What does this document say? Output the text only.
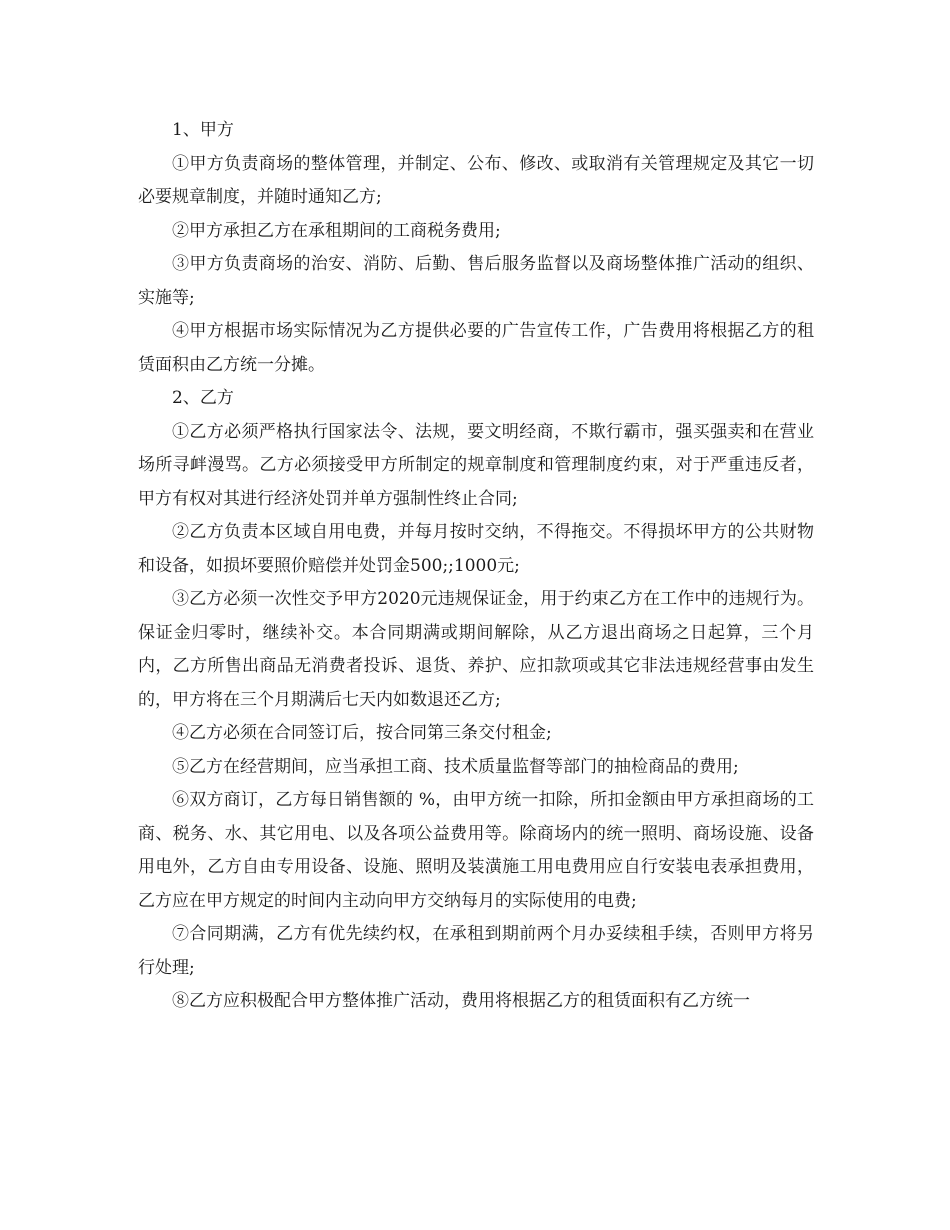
1、甲方

①甲方负责商场的整体管理，并制定、公布、修改、或取消有关管理规定及其它一切必要规章制度，并随时通知乙方;

②甲方承担乙方在承租期间的工商税务费用;

③甲方负责商场的治安、消防、后勤、售后服务监督以及商场整体推广活动的组织、实施等;

④甲方根据市场实际情况为乙方提供必要的广告宣传工作，广告费用将根据乙方的租赁面积由乙方统一分摊。

2、乙方

①乙方必须严格执行国家法令、法规，要文明经商，不欺行霸市，强买强卖和在营业场所寻衅漫骂。乙方必须接受甲方所制定的规章制度和管理制度约束，对于严重违反者，甲方有权对其进行经济处罚并单方强制性终止合同;

②乙方负责本区域自用电费，并每月按时交纳，不得拖交。不得损坏甲方的公共财物和设备，如损坏要照价赔偿并处罚金500;;1000元;

③乙方必须一次性交予甲方2020元违规保证金，用于约束乙方在工作中的违规行为。保证金归零时，继续补交。本合同期满或期间解除，从乙方退出商场之日起算，三个月内，乙方所售出商品无消费者投诉、退货、养护、应扣款项或其它非法违规经营事由发生的，甲方将在三个月期满后七天内如数退还乙方;

④乙方必须在合同签订后，按合同第三条交付租金;

⑤乙方在经营期间，应当承担工商、技术质量监督等部门的抽检商品的费用;

⑥双方商订，乙方每日销售额的 %，由甲方统一扣除，所扣金额由甲方承担商场的工商、税务、水、其它用电、以及各项公益费用等。除商场内的统一照明、商场设施、设备用电外，乙方自由专用设备、设施、照明及装潢施工用电费用应自行安装电表承担费用，乙方应在甲方规定的时间内主动向甲方交纳每月的实际使用的电费;

⑦合同期满，乙方有优先续约权，在承租到期前两个月办妥续租手续，否则甲方将另行处理;

⑧乙方应积极配合甲方整体推广活动，费用将根据乙方的租赁面积有乙方统一
